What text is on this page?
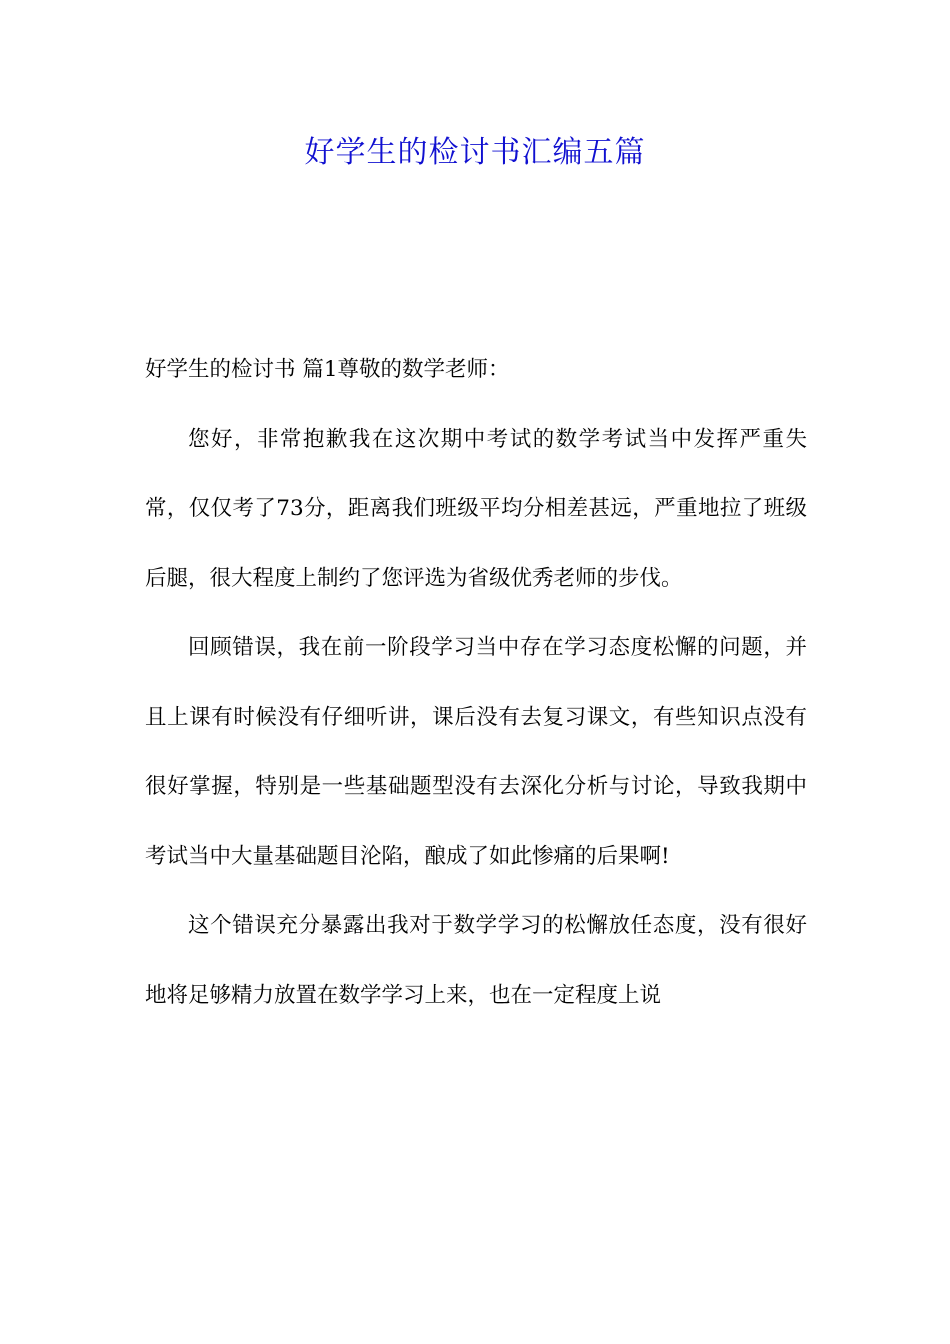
好学生的检讨书汇编五篇

好学生的检讨书 篇1尊敬的数学老师：

您好，非常抱歉我在这次期中考试的数学考试当中发挥严重失常，仅仅考了73分，距离我们班级平均分相差甚远，严重地拉了班级后腿，很大程度上制约了您评选为省级优秀老师的步伐。

回顾错误，我在前一阶段学习当中存在学习态度松懈的问题，并且上课有时候没有仔细听讲，课后没有去复习课文，有些知识点没有很好掌握，特别是一些基础题型没有去深化分析与讨论，导致我期中考试当中大量基础题目沦陷，酿成了如此惨痛的后果啊!

这个错误充分暴露出我对于数学学习的松懈放任态度，没有很好地将足够精力放置在数学学习上来，也在一定程度上说
